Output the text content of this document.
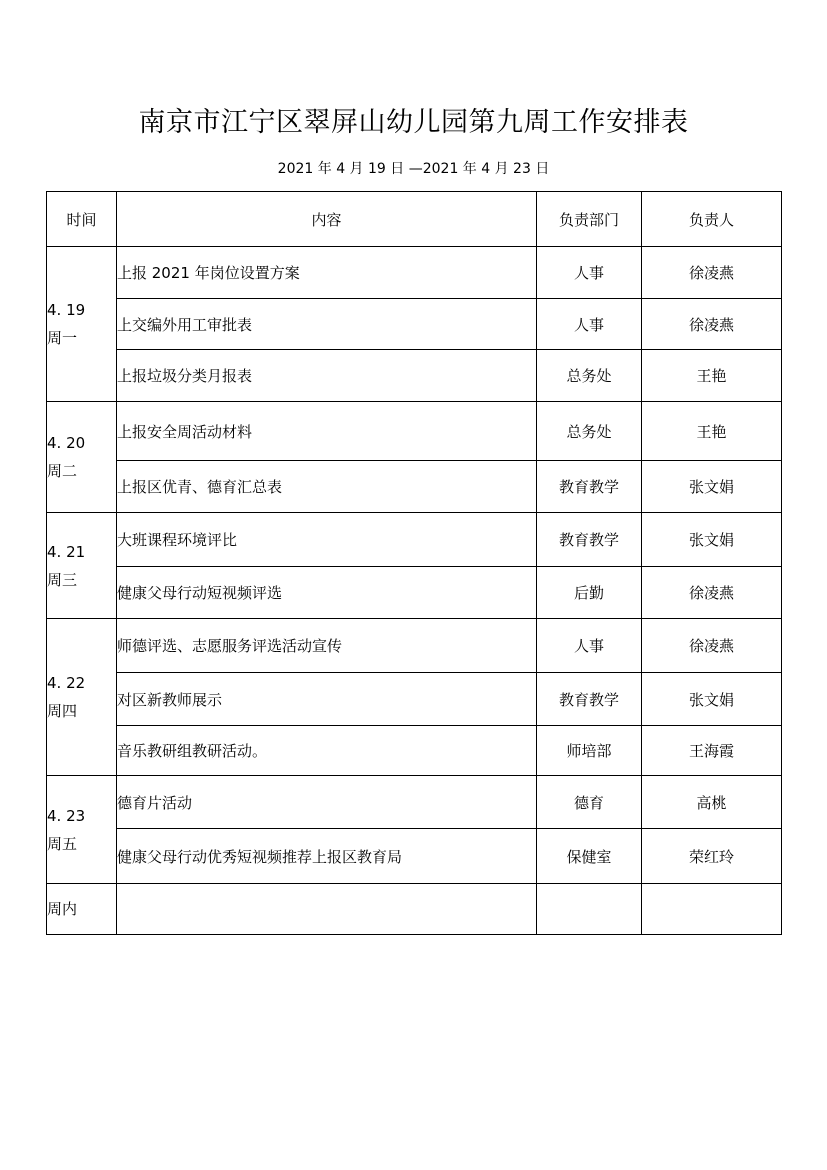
南京市江宁区翠屏山幼儿园第九周工作安排表
2021 年 4 月 19 日 —2021 年 4 月 23 日
时间	内容	负责部门	负责人

4. 19
周一	上报 2021 年岗位设置方案	人事	徐凌燕
	上交编外用工审批表	人事	徐凌燕
	上报垃圾分类月报表	总务处	王艳

4. 20
周二	上报安全周活动材料	总务处	王艳
	上报区优青、德育汇总表	教育教学	张文娟

4. 21
周三	大班课程环境评比	教育教学	张文娟
	健康父母行动短视频评选	后勤	徐凌燕

4. 22
周四	师德评选、志愿服务评选活动宣传	人事	徐凌燕
	对区新教师展示	教育教学	张文娟
	音乐教研组教研活动。	师培部	王海霞

4. 23
周五	德育片活动	德育	高桃
	健康父母行动优秀短视频推荐上报区教育局	保健室	荣红玲
周内			
